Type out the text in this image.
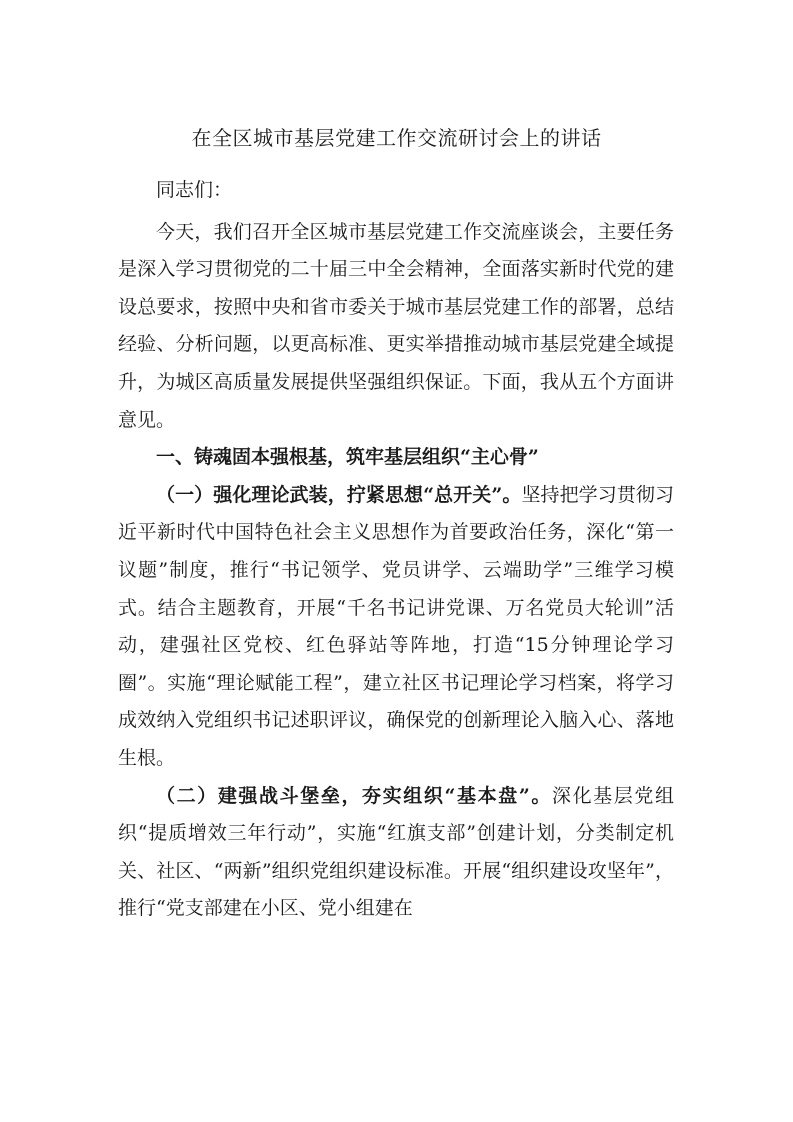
在全区城市基层党建工作交流研讨会上的讲话

同志们：

今天，我们召开全区城市基层党建工作交流座谈会，主要任务是深入学习贯彻党的二十届三中全会精神，全面落实新时代党的建设总要求，按照中央和省市委关于城市基层党建工作的部署，总结经验、分析问题，以更高标准、更实举措推动城市基层党建全域提升，为城区高质量发展提供坚强组织保证。下面，我从五个方面讲意见。

一、铸魂固本强根基，筑牢基层组织“主心骨”

（一）强化理论武装，拧紧思想“总开关”。坚持把学习贯彻习近平新时代中国特色社会主义思想作为首要政治任务，深化“第一议题”制度，推行“书记领学、党员讲学、云端助学”三维学习模式。结合主题教育，开展“千名书记讲党课、万名党员大轮训”活动，建强社区党校、红色驿站等阵地，打造“15分钟理论学习圈”。实施“理论赋能工程”，建立社区书记理论学习档案，将学习成效纳入党组织书记述职评议，确保党的创新理论入脑入心、落地生根。

（二）建强战斗堡垒，夯实组织“基本盘”。深化基层党组织“提质增效三年行动”，实施“红旗支部”创建计划，分类制定机关、社区、“两新”组织党组织建设标准。开展“组织建设攻坚年”，推行“党支部建在小区、党小组建在
